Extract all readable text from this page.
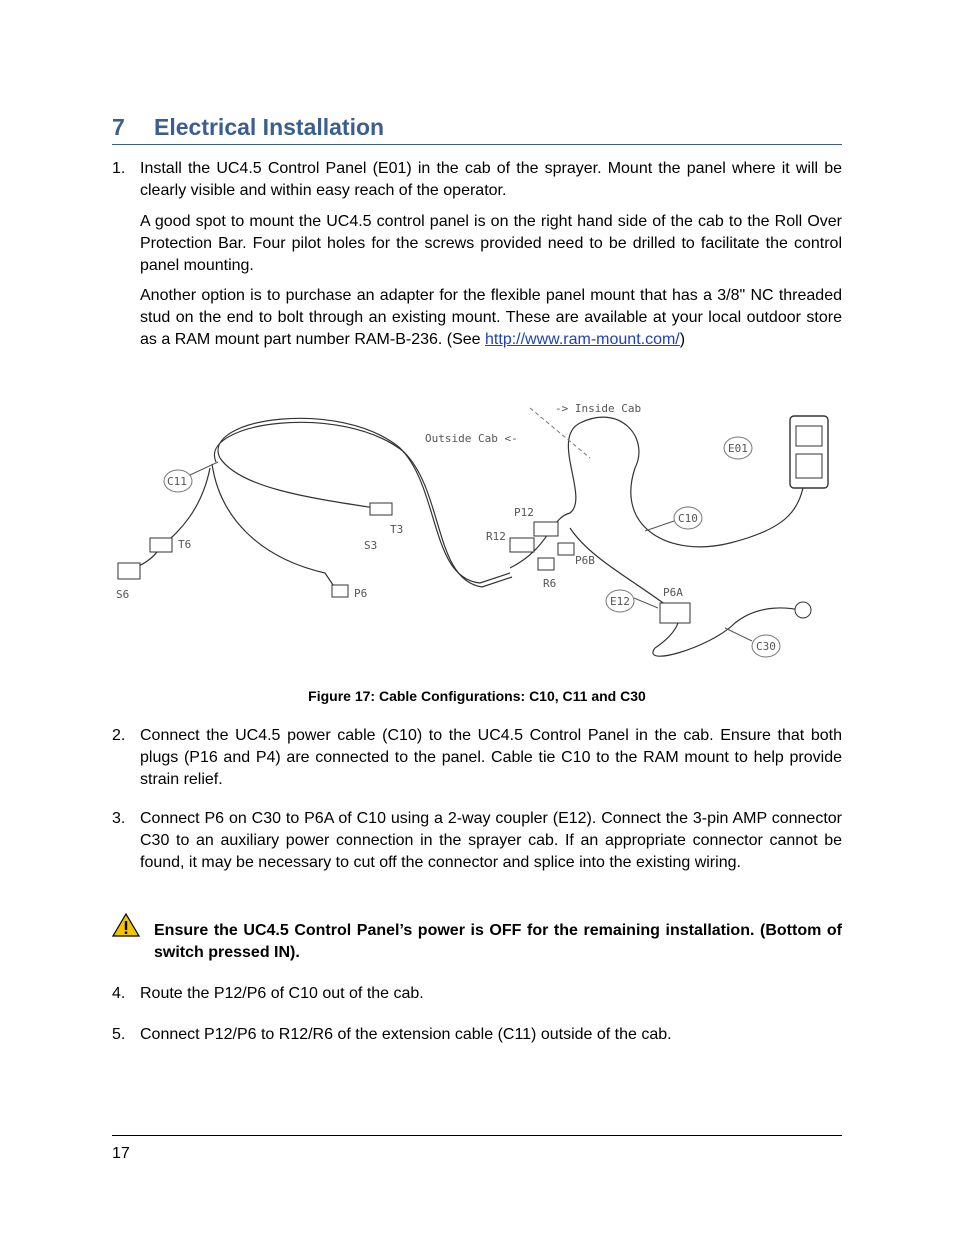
7	Electrical Installation
1. Install the UC4.5 Control Panel (E01) in the cab of the sprayer. Mount the panel where it will be clearly visible and within easy reach of the operator.
A good spot to mount the UC4.5 control panel is on the right hand side of the cab to the Roll Over Protection Bar. Four pilot holes for the screws provided need to be drilled to facilitate the control panel mounting.
Another option is to purchase an adapter for the flexible panel mount that has a 3/8" NC threaded stud on the end to bolt through an existing mount. These are available at your local outdoor store as a RAM mount part number RAM-B-236. (See http://www.ram-mount.com/)
-> Inside Cab
Outside Cab <-
C11
T6
S6
T3
S3
P6
P12
R12
P6B
R6
E01
C10
E12
P6A
C30
Figure 17: Cable Configurations: C10, C11 and C30
2. Connect the UC4.5 power cable (C10) to the UC4.5 Control Panel in the cab. Ensure that both plugs (P16 and P4) are connected to the panel. Cable tie C10 to the RAM mount to help provide strain relief.
3. Connect P6 on C30 to P6A of C10 using a 2-way coupler (E12). Connect the 3-pin AMP connector C30 to an auxiliary power connection in the sprayer cab. If an appropriate connector cannot be found, it may be necessary to cut off the connector and splice into the existing wiring.
Ensure the UC4.5 Control Panel’s power is OFF for the remaining installation. (Bottom of switch pressed IN).
4. Route the P12/P6 of C10 out of the cab.
5. Connect P12/P6 to R12/R6 of the extension cable (C11) outside of the cab.
17
